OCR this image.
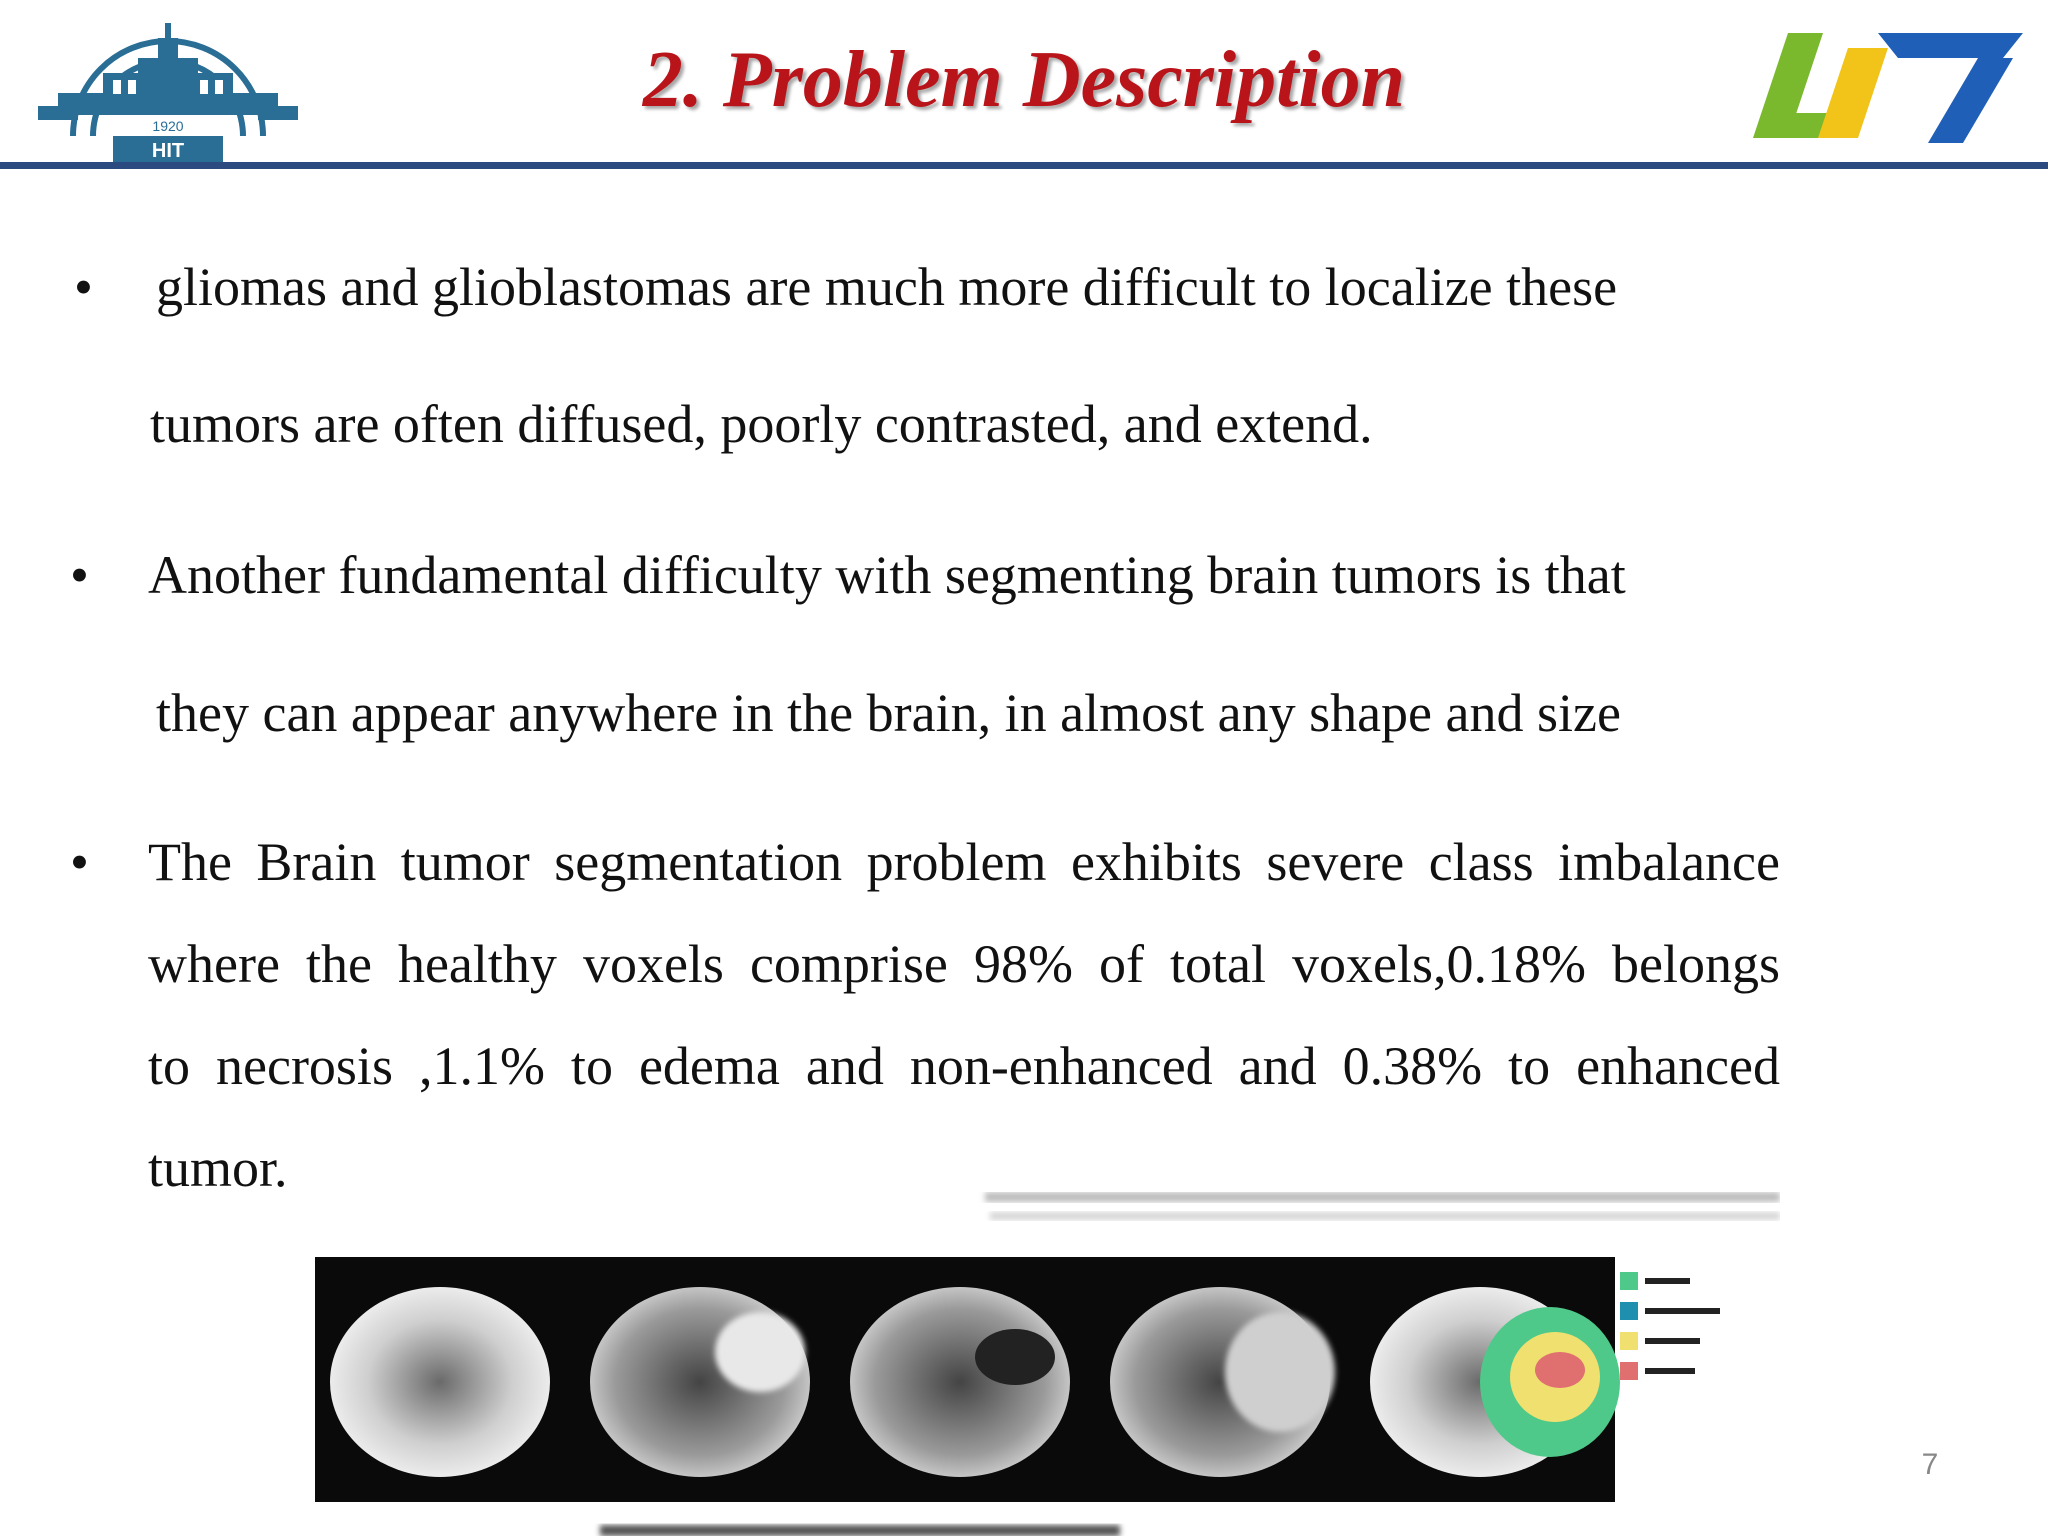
1920
HIT
2. Problem Description
• gliomas and glioblastomas are much more difficult to localize these
tumors are often diffused, poorly contrasted, and extend.
• Another fundamental difficulty with segmenting brain tumors is that
they can appear anywhere in the brain, in almost any shape and size
• The Brain tumor segmentation problem exhibits severe class imbalance
where the healthy voxels comprise 98% of total voxels,0.18% belongs
to necrosis ,1.1% to edema and non-enhanced and 0.38% to enhanced
tumor.
7
